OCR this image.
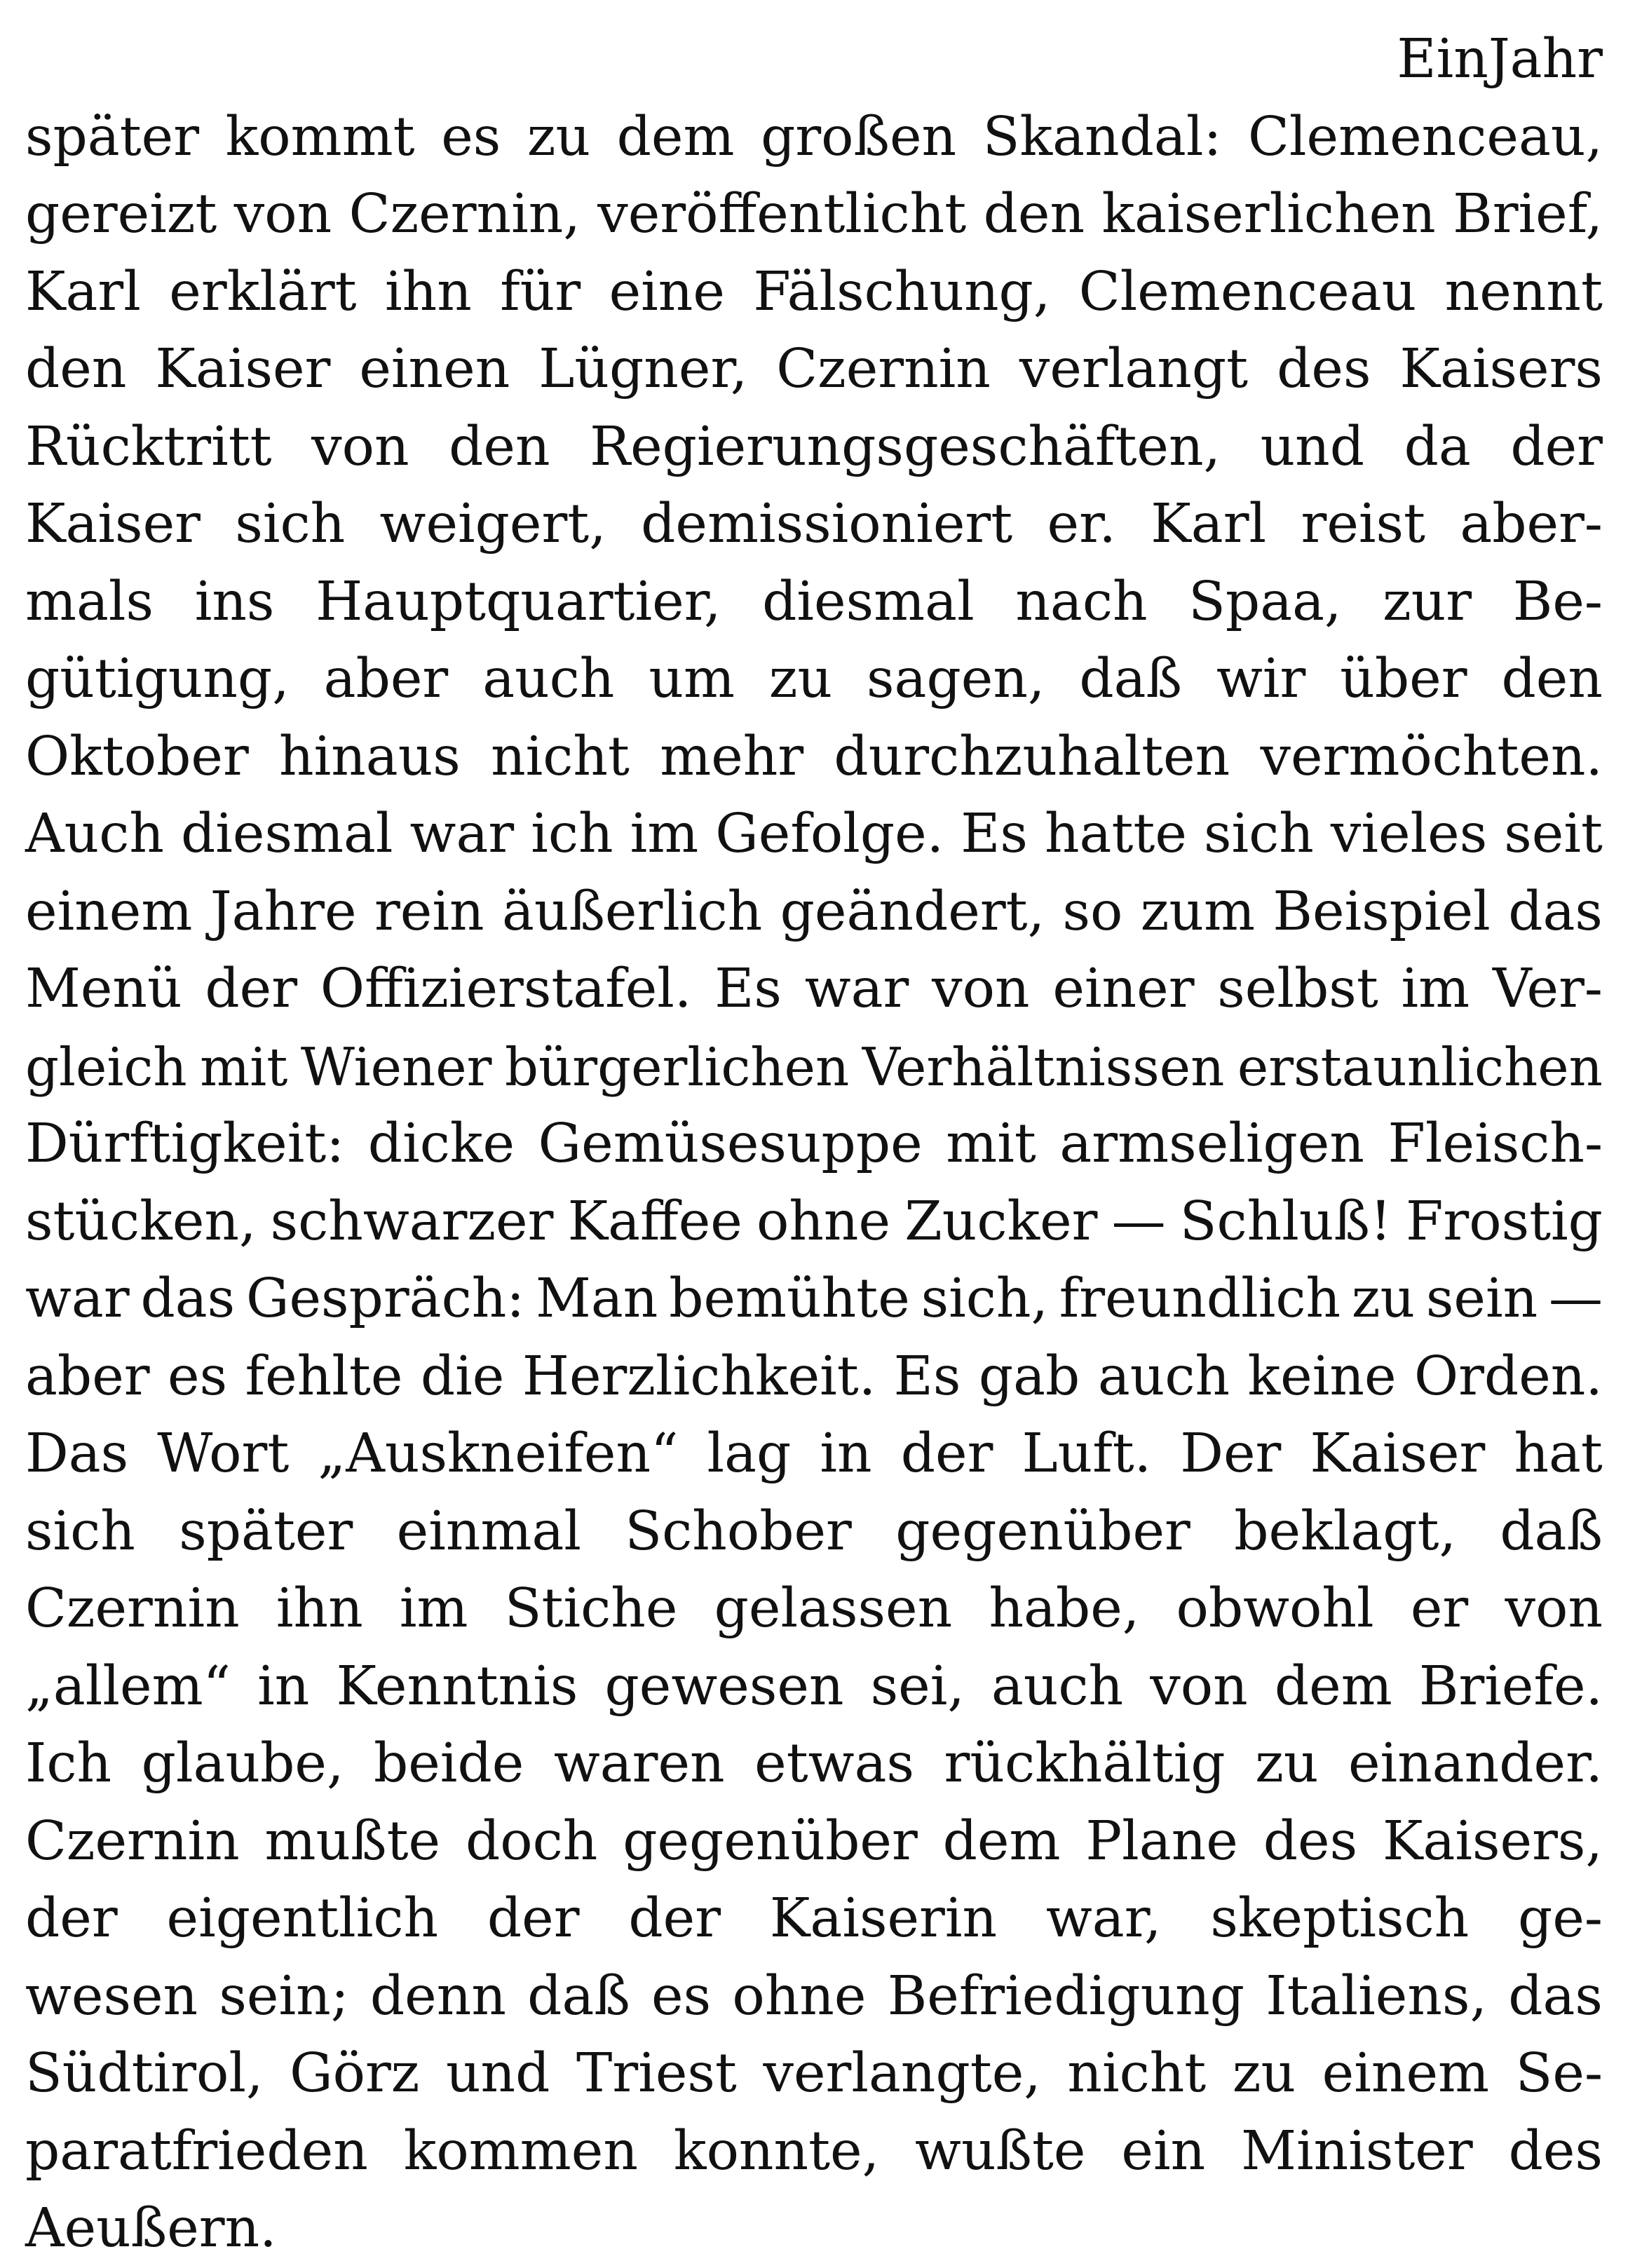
Ein Jahr
später kommt es zu dem großen Skandal: Clemenceau,
gereizt von Czernin, veröffentlicht den kaiserlichen Brief,
Karl erklärt ihn für eine Fälschung, Clemenceau nennt
den Kaiser einen Lügner, Czernin verlangt des Kaisers
Rücktritt von den Regierungsgeschäften, und da der
Kaiser sich weigert, demissioniert er. Karl reist aber-
mals ins Hauptquartier, diesmal nach Spaa, zur Be-
gütigung, aber auch um zu sagen, daß wir über den
Oktober hinaus nicht mehr durchzuhalten vermöchten.
Auch diesmal war ich im Gefolge. Es hatte sich vieles seit
einem Jahre rein äußerlich geändert, so zum Beispiel das
Menü der Offizierstafel. Es war von einer selbst im Ver-
gleich mit Wiener bürgerlichen Verhältnissen erstaunlichen
Dürftigkeit: dicke Gemüsesuppe mit armseligen Fleisch-
stücken, schwarzer Kaffee ohne Zucker — Schluß! Frostig
war das Gespräch: Man bemühte sich, freundlich zu sein —
aber es fehlte die Herzlichkeit. Es gab auch keine Orden.
Das Wort „Auskneifen“ lag in der Luft. Der Kaiser hat
sich später einmal Schober gegenüber beklagt, daß
Czernin ihn im Stiche gelassen habe, obwohl er von
„allem“ in Kenntnis gewesen sei, auch von dem Briefe.
Ich glaube, beide waren etwas rückhältig zu einander.
Czernin mußte doch gegenüber dem Plane des Kaisers,
der eigentlich der der Kaiserin war, skeptisch ge-
wesen sein; denn daß es ohne Befriedigung Italiens, das
Südtirol, Görz und Triest verlangte, nicht zu einem Se-
paratfrieden kommen konnte, wußte ein Minister des
Aeußern.
